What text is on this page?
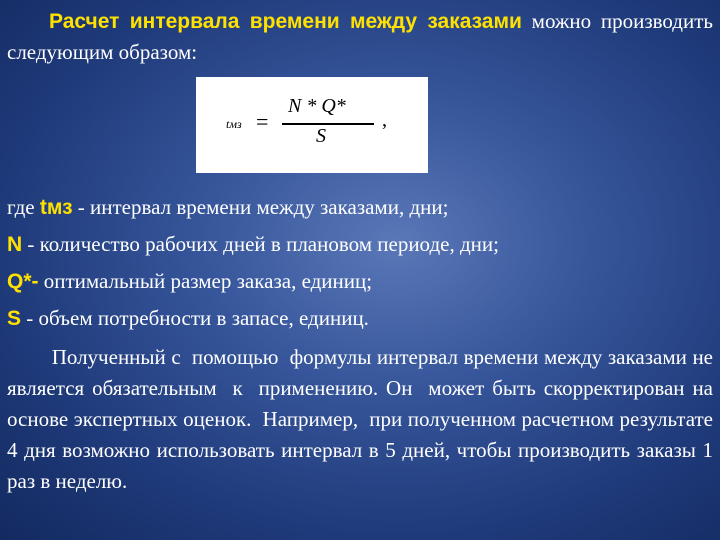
Расчет интервала времени между заказами можно производить следующим образом:
tмз =
N * Q*
S
,
где tмз - интервал времени между заказами, дни;
N - количество рабочих дней в плановом периоде, дни;
Q*- оптимальный размер заказа, единиц;
S - объем потребности в запасе, единиц.
Полученный с  помощью  формулы интервал времени между заказами не является обязательным  к  применению. Он  может быть скорректирован на основе экспертных оценок.  Например,  при полученном расчетном результате 4 дня возможно использовать интервал в 5 дней, чтобы производить заказы 1 раз в неделю.
